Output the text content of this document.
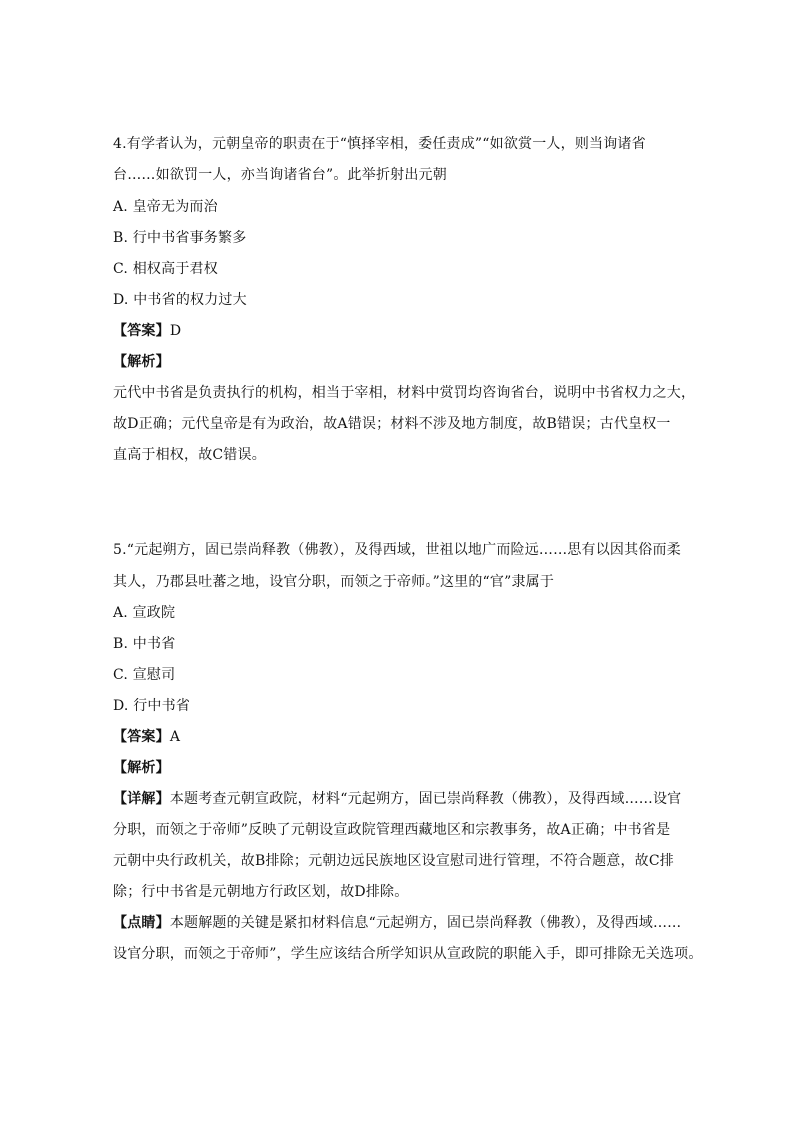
4.有学者认为，元朝皇帝的职责在于“慎择宰相，委任责成”“如欲赏一人，则当询诸省
台……如欲罚一人，亦当询诸省台”。此举折射出元朝
A. 皇帝无为而治
B. 行中书省事务繁多
C. 相权高于君权
D. 中书省的权力过大
【答案】D
【解析】
元代中书省是负责执行的机构，相当于宰相，材料中赏罚均咨询省台，说明中书省权力之大，
故D正确；元代皇帝是有为政治，故A错误；材料不涉及地方制度，故B错误；古代皇权一
直高于相权，故C错误。
5.“元起朔方，固已崇尚释教（佛教），及得西域，世祖以地广而险远……思有以因其俗而柔
其人，乃郡县吐蕃之地，设官分职，而领之于帝师。”这里的“官”隶属于
A. 宣政院
B. 中书省
C. 宣慰司
D. 行中书省
【答案】A
【解析】
【详解】本题考查元朝宣政院，材料“元起朔方，固已崇尚释教（佛教），及得西域……设官
分职，而领之于帝师”反映了元朝设宣政院管理西藏地区和宗教事务，故A正确；中书省是
元朝中央行政机关，故B排除；元朝边远民族地区设宣慰司进行管理，不符合题意，故C排
除；行中书省是元朝地方行政区划，故D排除。
【点睛】本题解题的关键是紧扣材料信息“元起朔方，固已崇尚释教（佛教），及得西域……
设官分职，而领之于帝师”，学生应该结合所学知识从宣政院的职能入手，即可排除无关选项。
